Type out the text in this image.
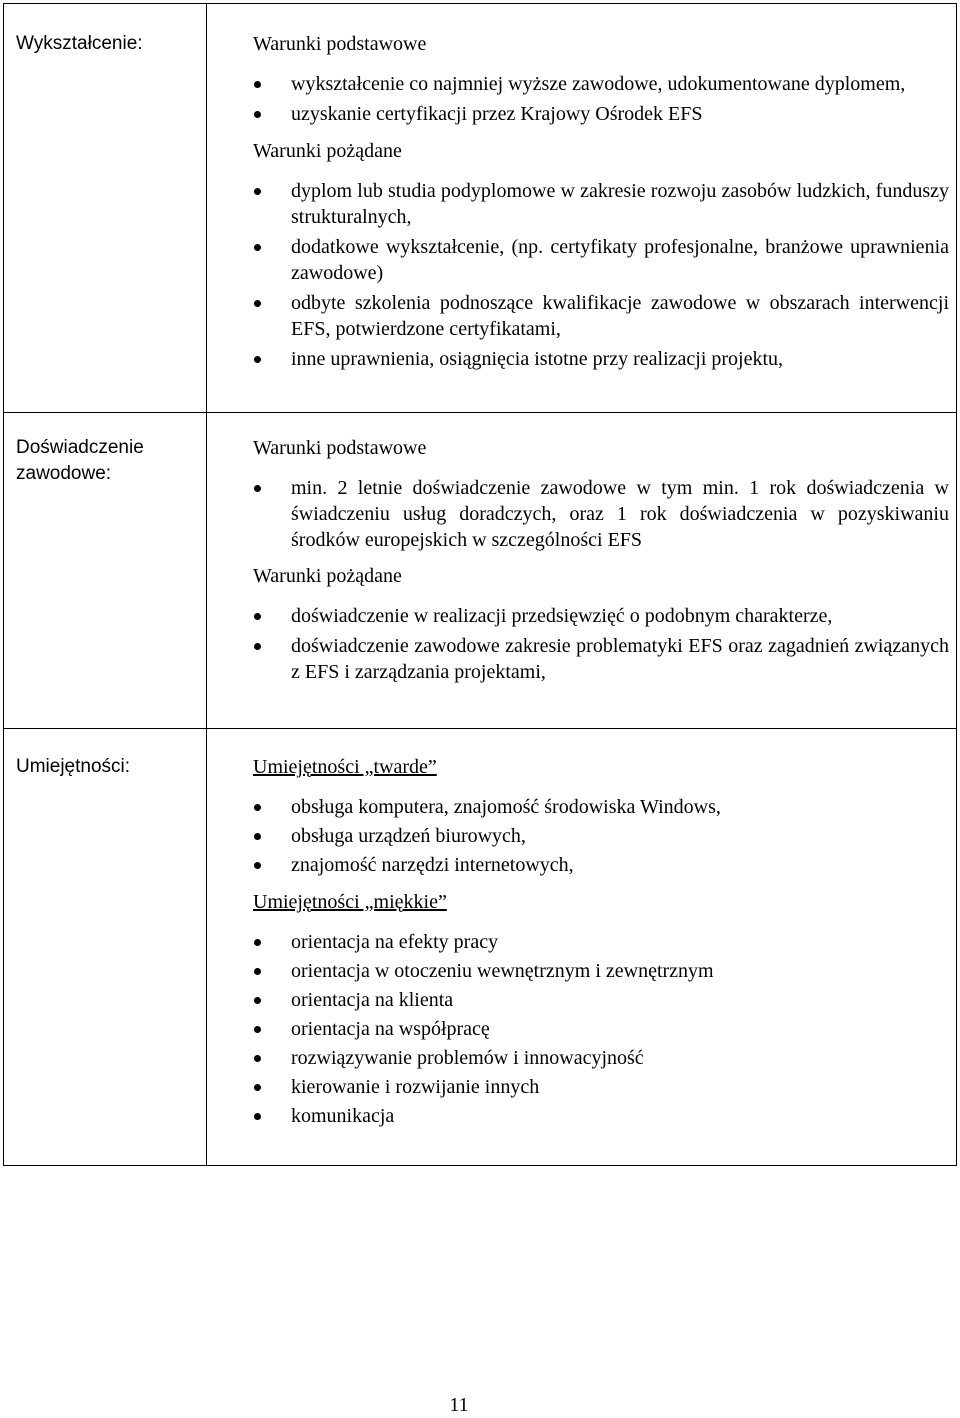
Wykształcenie:	Warunki podstawowe
wykształcenie co najmniej wyższe zawodowe, udokumentowane dyplomem,
uzyskanie certyfikacji przez Krajowy Ośrodek EFS
Warunki pożądane
dyplom lub studia podyplomowe w zakresie rozwoju zasobów ludzkich, funduszy strukturalnych,
dodatkowe wykształcenie, (np. certyfikaty profesjonalne, branżowe uprawnienia zawodowe)
odbyte szkolenia podnoszące kwalifikacje zawodowe w obszarach interwencji EFS, potwierdzone certyfikatami,
inne uprawnienia, osiągnięcia istotne przy realizacji projektu,
Doświadczenie zawodowe:
Warunki podstawowe
min. 2 letnie doświadczenie zawodowe w tym min. 1 rok doświadczenia w świadczeniu usług doradczych, oraz 1 rok doświadczenia w pozyskiwaniu środków europejskich w szczególności EFS
Warunki pożądane
doświadczenie w realizacji przedsięwzięć o podobnym charakterze,
doświadczenie zawodowe zakresie problematyki EFS oraz zagadnień związanych z EFS i zarządzania projektami,
Umiejętności:	Umiejętności „twarde”
obsługa komputera, znajomość środowiska Windows,
obsługa urządzeń biurowych,
znajomość narzędzi internetowych,
Umiejętności „miękkie”
orientacja na efekty pracy
orientacja w otoczeniu wewnętrznym i zewnętrznym
orientacja na klienta
orientacja na współpracę
rozwiązywanie problemów i innowacyjność
kierowanie i rozwijanie innych
komunikacja
11
